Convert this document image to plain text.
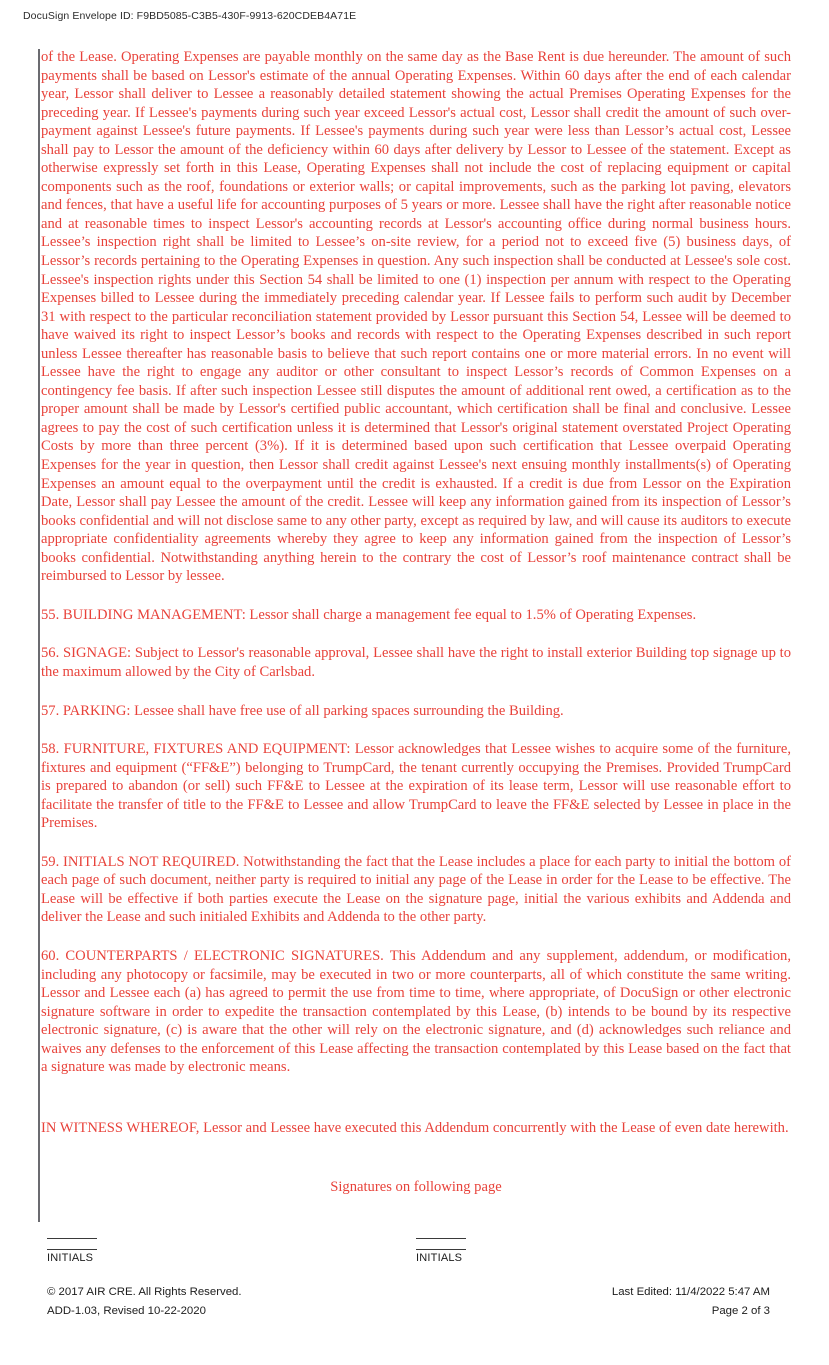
DocuSign Envelope ID: F9BD5085-C3B5-430F-9913-620CDEB4A71E

of the Lease. Operating Expenses are payable monthly on the same day as the Base Rent is due hereunder. The amount of such payments shall be based on Lessor's estimate of the annual Operating Expenses. Within 60 days after the end of each calendar year, Lessor shall deliver to Lessee a reasonably detailed statement showing the actual Premises Operating Expenses for the preceding year. If Lessee's payments during such year exceed Lessor's actual cost, Lessor shall credit the amount of such over-payment against Lessee's future payments. If Lessee's payments during such year were less than Lessor’s actual cost, Lessee shall pay to Lessor the amount of the deficiency within 60 days after delivery by Lessor to Lessee of the statement. Except as otherwise expressly set forth in this Lease, Operating Expenses shall not include the cost of replacing equipment or capital components such as the roof, foundations or exterior walls; or capital improvements, such as the parking lot paving, elevators and fences, that have a useful life for accounting purposes of 5 years or more. Lessee shall have the right after reasonable notice and at reasonable times to inspect Lessor's accounting records at Lessor's accounting office during normal business hours. Lessee’s inspection right shall be limited to Lessee’s on-site review, for a period not to exceed five (5) business days, of Lessor’s records pertaining to the Operating Expenses in question. Any such inspection shall be conducted at Lessee's sole cost. Lessee's inspection rights under this Section 54 shall be limited to one (1) inspection per annum with respect to the Operating Expenses billed to Lessee during the immediately preceding calendar year. If Lessee fails to perform such audit by December 31 with respect to the particular reconciliation statement provided by Lessor pursuant this Section 54, Lessee will be deemed to have waived its right to inspect Lessor’s books and records with respect to the Operating Expenses described in such report unless Lessee thereafter has reasonable basis to believe that such report contains one or more material errors. In no event will Lessee have the right to engage any auditor or other consultant to inspect Lessor’s records of Common Expenses on a contingency fee basis. If after such inspection Lessee still disputes the amount of additional rent owed, a certification as to the proper amount shall be made by Lessor's certified public accountant, which certification shall be final and conclusive. Lessee agrees to pay the cost of such certification unless it is determined that Lessor's original statement overstated Project Operating Costs by more than three percent (3%). If it is determined based upon such certification that Lessee overpaid Operating Expenses for the year in question, then Lessor shall credit against Lessee's next ensuing monthly installments(s) of Operating Expenses an amount equal to the overpayment until the credit is exhausted. If a credit is due from Lessor on the Expiration Date, Lessor shall pay Lessee the amount of the credit. Lessee will keep any information gained from its inspection of Lessor’s books confidential and will not disclose same to any other party, except as required by law, and will cause its auditors to execute appropriate confidentiality agreements whereby they agree to keep any information gained from the inspection of Lessor’s books confidential. Notwithstanding anything herein to the contrary the cost of Lessor’s roof maintenance contract shall be reimbursed to Lessor by lessee.

55. BUILDING MANAGEMENT: Lessor shall charge a management fee equal to 1.5% of Operating Expenses.

56. SIGNAGE: Subject to Lessor's reasonable approval, Lessee shall have the right to install exterior Building top signage up to the maximum allowed by the City of Carlsbad.

57. PARKING: Lessee shall have free use of all parking spaces surrounding the Building.

58. FURNITURE, FIXTURES AND EQUIPMENT: Lessor acknowledges that Lessee wishes to acquire some of the furniture, fixtures and equipment (“FF&E”) belonging to TrumpCard, the tenant currently occupying the Premises. Provided TrumpCard is prepared to abandon (or sell) such FF&E to Lessee at the expiration of its lease term, Lessor will use reasonable effort to facilitate the transfer of title to the FF&E to Lessee and allow TrumpCard to leave the FF&E selected by Lessee in place in the Premises.

59. INITIALS NOT REQUIRED. Notwithstanding the fact that the Lease includes a place for each party to initial the bottom of each page of such document, neither party is required to initial any page of the Lease in order for the Lease to be effective. The Lease will be effective if both parties execute the Lease on the signature page, initial the various exhibits and Addenda and deliver the Lease and such initialed Exhibits and Addenda to the other party.

60. COUNTERPARTS / ELECTRONIC SIGNATURES. This Addendum and any supplement, addendum, or modification, including any photocopy or facsimile, may be executed in two or more counterparts, all of which constitute the same writing. Lessor and Lessee each (a) has agreed to permit the use from time to time, where appropriate, of DocuSign or other electronic signature software in order to expedite the transaction contemplated by this Lease, (b) intends to be bound by its respective electronic signature, (c) is aware that the other will rely on the electronic signature, and (d) acknowledges such reliance and waives any defenses to the enforcement of this Lease affecting the transaction contemplated by this Lease based on the fact that a signature was made by electronic means.

IN WITNESS WHEREOF, Lessor and Lessee have executed this Addendum concurrently with the Lease of even date herewith.

Signatures on following page

INITIALS	INITIALS
© 2017 AIR CRE. All Rights Reserved.
ADD-1.03, Revised 10-22-2020
Last Edited: 11/4/2022 5:47 AM
Page 2 of 3
